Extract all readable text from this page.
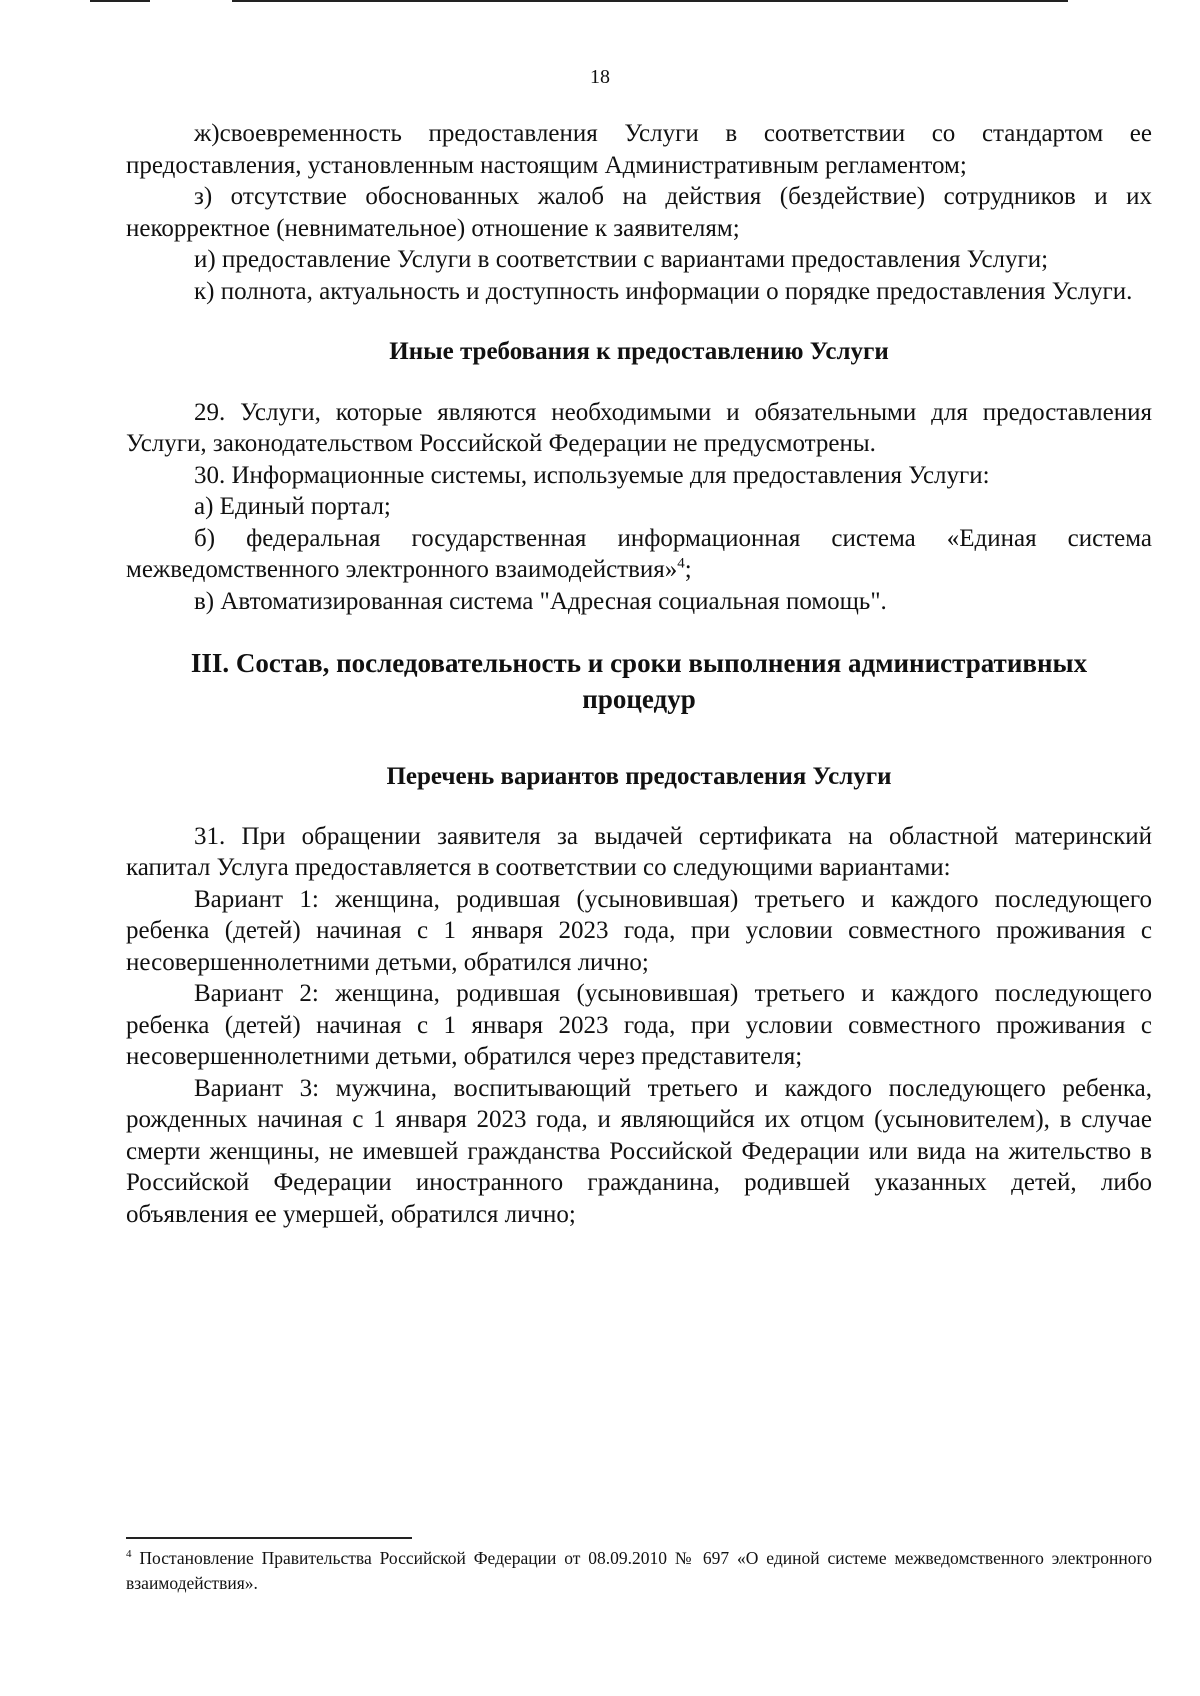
18

ж)своевременность предоставления Услуги в соответствии со стандартом ее предоставления, установленным настоящим Административным регламентом;

з) отсутствие обоснованных жалоб на действия (бездействие) сотрудников и их некорректное (невнимательное) отношение к заявителям;

и) предоставление Услуги в соответствии с вариантами предоставления Услуги;

к) полнота, актуальность и доступность информации о порядке предоставления Услуги.

Иные требования к предоставлению Услуги

29. Услуги, которые являются необходимыми и обязательными для предоставления Услуги, законодательством Российской Федерации не предусмотрены.

30. Информационные системы, используемые для предоставления Услуги:

а) Единый портал;

б) федеральная государственная информационная система «Единая система межведомственного электронного взаимодействия»$^4$;

в) Автоматизированная система "Адресная социальная помощь".

III. Состав, последовательность и сроки выполнения административных

процедур

Перечень вариантов предоставления Услуги

31. При обращении заявителя за выдачей сертификата на областной материнский капитал Услуга предоставляется в соответствии со следующими вариантами:

Вариант 1: женщина, родившая (усыновившая) третьего и каждого последующего ребенка (детей) начиная с 1 января 2023 года, при условии совместного проживания с несовершеннолетними детьми, обратился лично;

Вариант 2: женщина, родившая (усыновившая) третьего и каждого последующего ребенка (детей) начиная с 1 января 2023 года, при условии совместного проживания с несовершеннолетними детьми, обратился через представителя;

Вариант 3: мужчина, воспитывающий третьего и каждого последующего ребенка, рожденных начиная с 1 января 2023 года, и являющийся их отцом (усыновителем), в случае смерти женщины, не имевшей гражданства Российской Федерации или вида на жительство в Российской Федерации иностранного гражданина, родившей указанных детей, либо объявления ее умершей, обратился лично;

$^4$ Постановление Правительства Российской Федерации от 08.09.2010 № 697 «О единой системе межведомственного электронного взаимодействия».
